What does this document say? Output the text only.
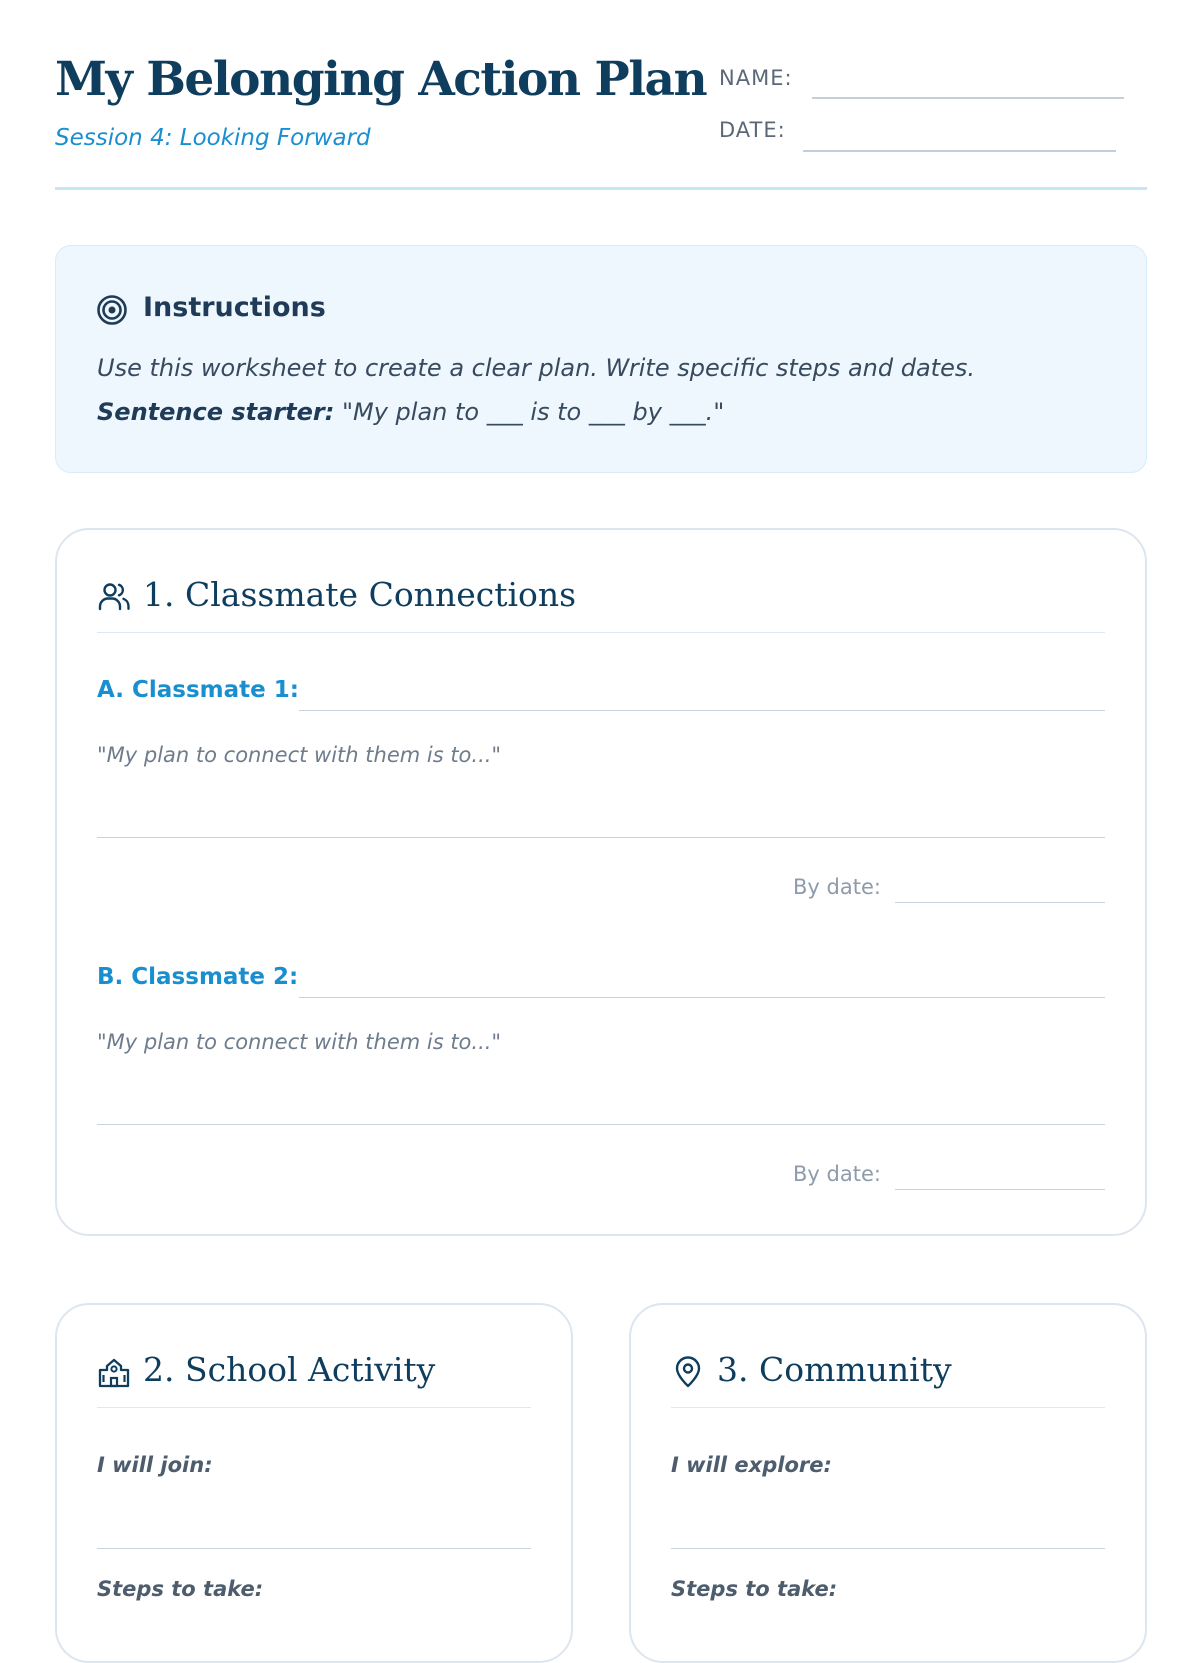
My Belonging Action Plan
Session 4: Looking Forward
NAME:
DATE:
Instructions
Use this worksheet to create a clear plan. Write specific steps and dates. Sentence starter: "My plan to ___ is to ___ by ___."
1. Classmate Connections
A. Classmate 1:
"My plan to connect with them is to..."
By date:
B. Classmate 2:
"My plan to connect with them is to..."
By date:
2. School Activity
I will join:
Steps to take:
3. Community
I will explore:
Steps to take:
